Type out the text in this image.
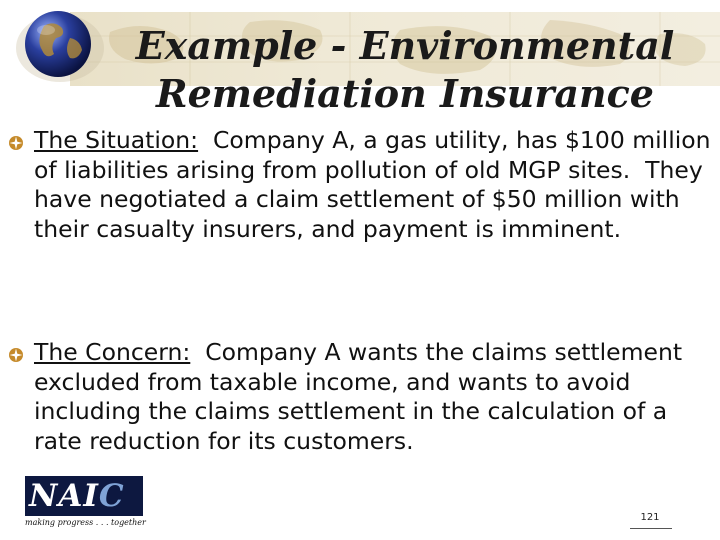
Example - Environmental
Remediation Insurance

The Situation:  Company A, a gas utility, has $100 million of liabilities arising from pollution of old MGP sites.  They have negotiated a claim settlement of $50 million with their casualty insurers, and payment is imminent.

The Concern:  Company A wants the claims settlement excluded from taxable income, and wants to avoid including the claims settlement in the calculation of a rate reduction for its customers.

NAIC
making progress . . . together	121
